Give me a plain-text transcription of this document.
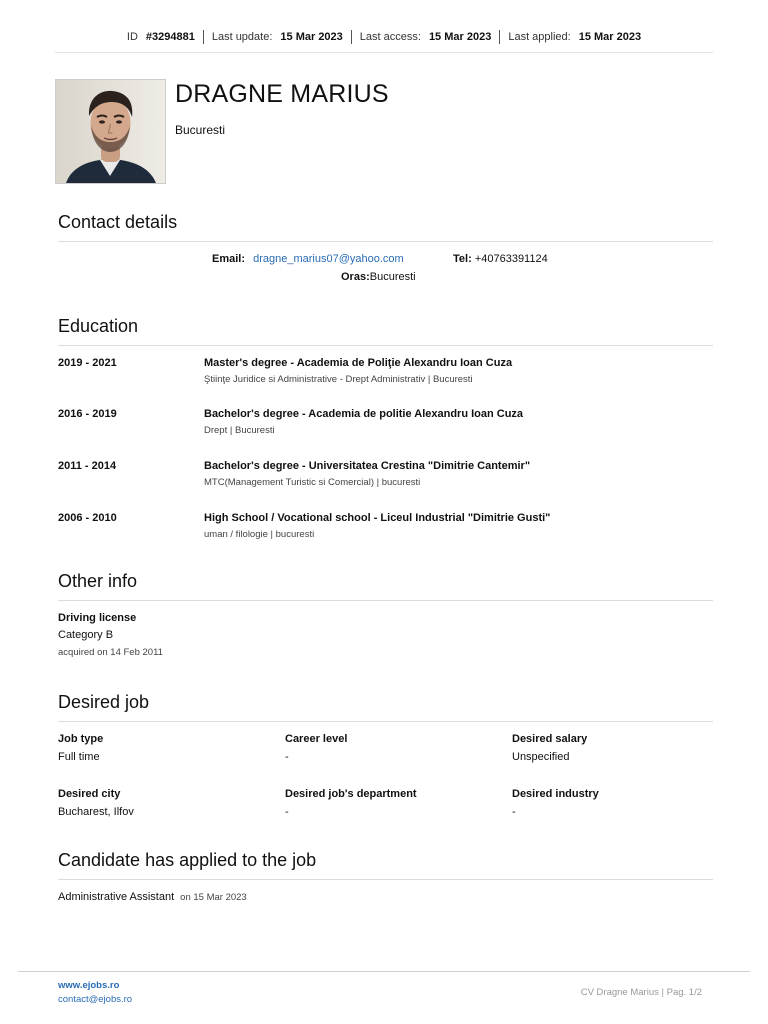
ID #3294881 Last update: 15 Mar 2023 Last access: 15 Mar 2023 Last applied: 15 Mar 2023
DRAGNE MARIUS
Bucuresti
Contact details
Email: dragne_marius07@yahoo.com	Tel: +40763391124
Oras:Bucuresti
Education
2019 - 2021	Master's degree - Academia de Poliţie Alexandru Ioan Cuza
Ştiinţe Juridice si Administrative - Drept Administrativ | Bucuresti
2016 - 2019	Bachelor's degree - Academia de politie Alexandru Ioan Cuza
Drept | Bucuresti
2011 - 2014	Bachelor's degree - Universitatea Crestina "Dimitrie Cantemir"
MTC(Management Turistic si Comercial) | bucuresti
2006 - 2010	High School / Vocational school - Liceul Industrial "Dimitrie Gusti"
uman / filologie | bucuresti
Other info
Driving license
Category B
acquired on 14 Feb 2011
Desired job
Job type
Full time
Career level
-
Desired salary
Unspecified
Desired city
Bucharest, Ilfov
Desired job's department
-
Desired industry
-
Candidate has applied to the job
Administrative Assistant on 15 Mar 2023
www.ejobs.ro
contact@ejobs.ro
CV Dragne Marius | Pag. 1/2
